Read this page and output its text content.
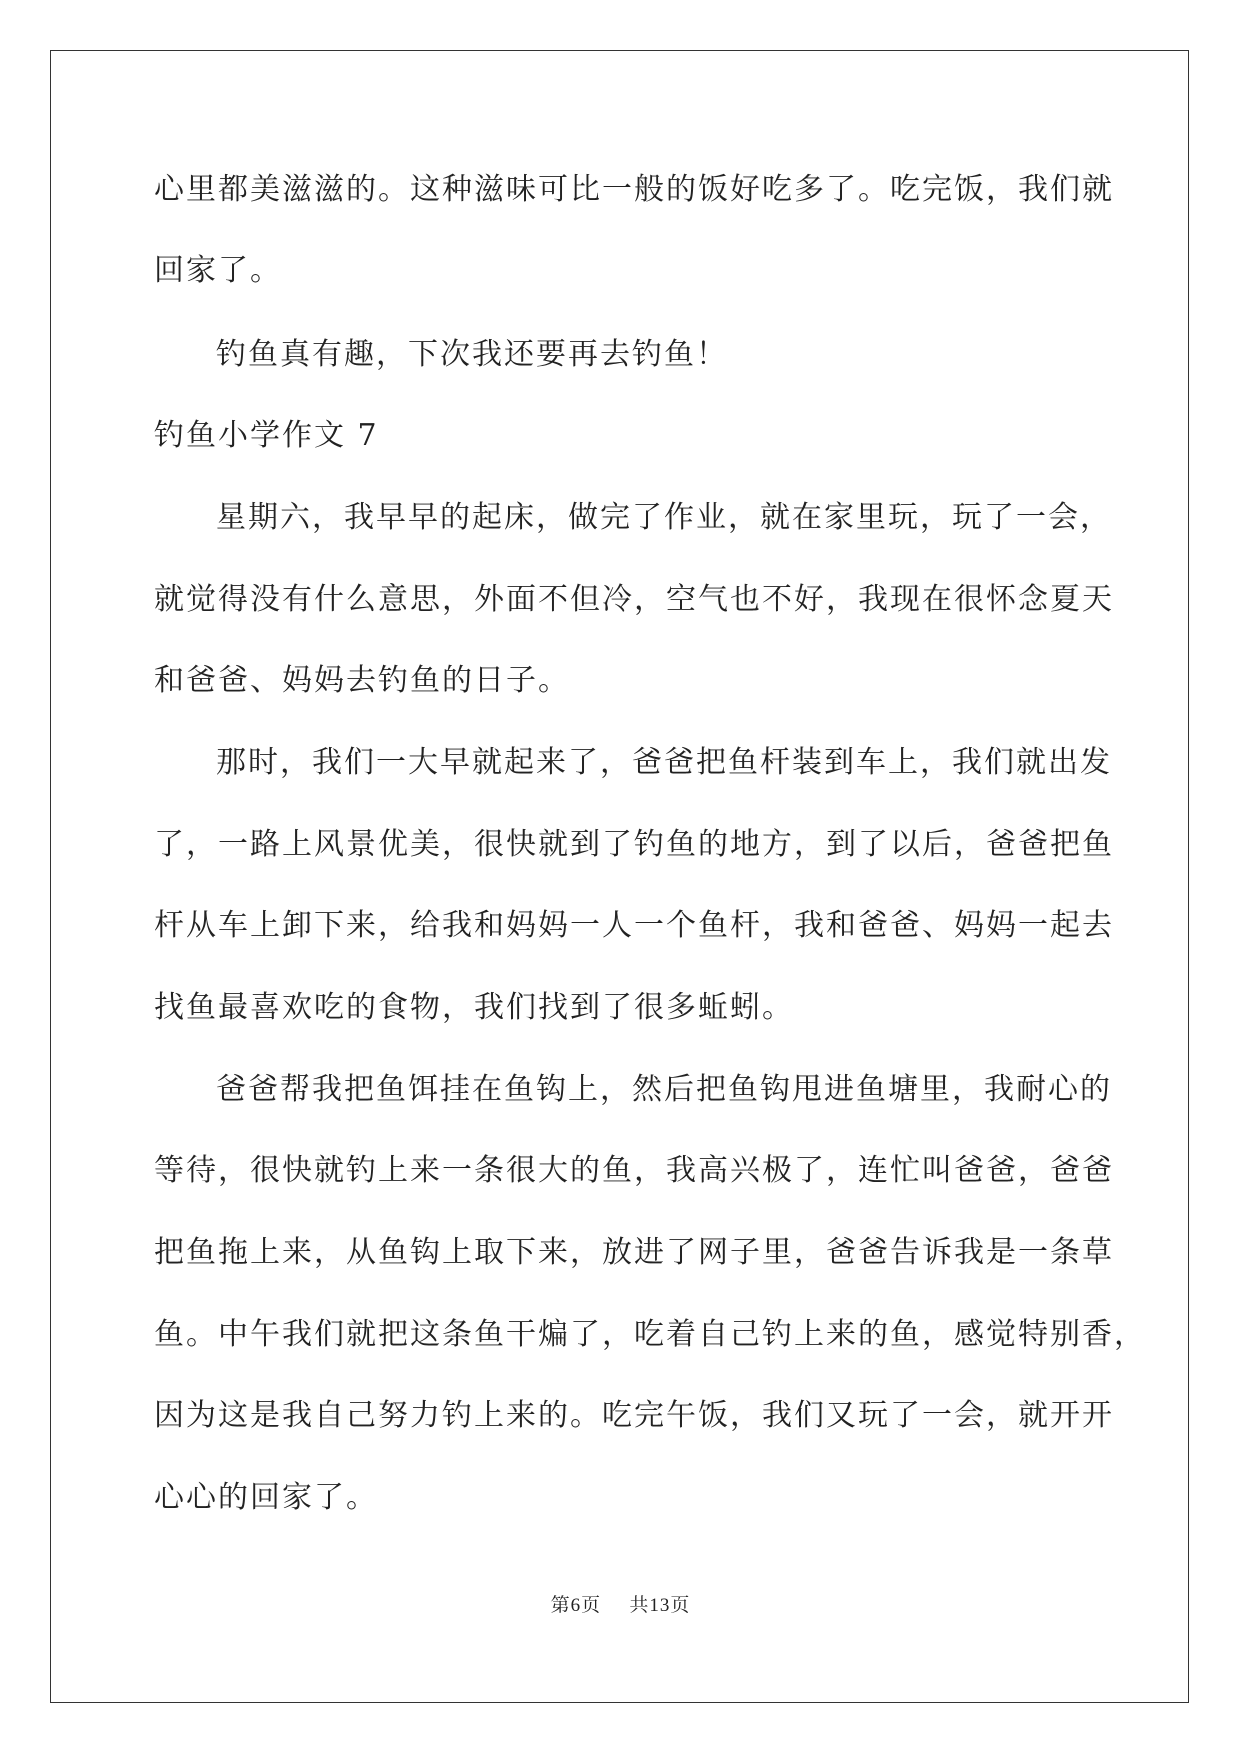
心里都美滋滋的。这种滋味可比一般的饭好吃多了。吃完饭，我们就
回家了。
钓鱼真有趣，下次我还要再去钓鱼！
钓鱼小学作文 7
星期六，我早早的起床，做完了作业，就在家里玩，玩了一会，
就觉得没有什么意思，外面不但冷，空气也不好，我现在很怀念夏天
和爸爸、妈妈去钓鱼的日子。
那时，我们一大早就起来了，爸爸把鱼杆装到车上，我们就出发
了，一路上风景优美，很快就到了钓鱼的地方，到了以后，爸爸把鱼
杆从车上卸下来，给我和妈妈一人一个鱼杆，我和爸爸、妈妈一起去
找鱼最喜欢吃的食物，我们找到了很多蚯蚓。
爸爸帮我把鱼饵挂在鱼钩上，然后把鱼钩甩进鱼塘里，我耐心的
等待，很快就钓上来一条很大的鱼，我高兴极了，连忙叫爸爸，爸爸
把鱼拖上来，从鱼钩上取下来，放进了网子里，爸爸告诉我是一条草
鱼。中午我们就把这条鱼干煸了，吃着自己钓上来的鱼，感觉特别香，
因为这是我自己努力钓上来的。吃完午饭，我们又玩了一会，就开开
心心的回家了。
第6页 共13页
